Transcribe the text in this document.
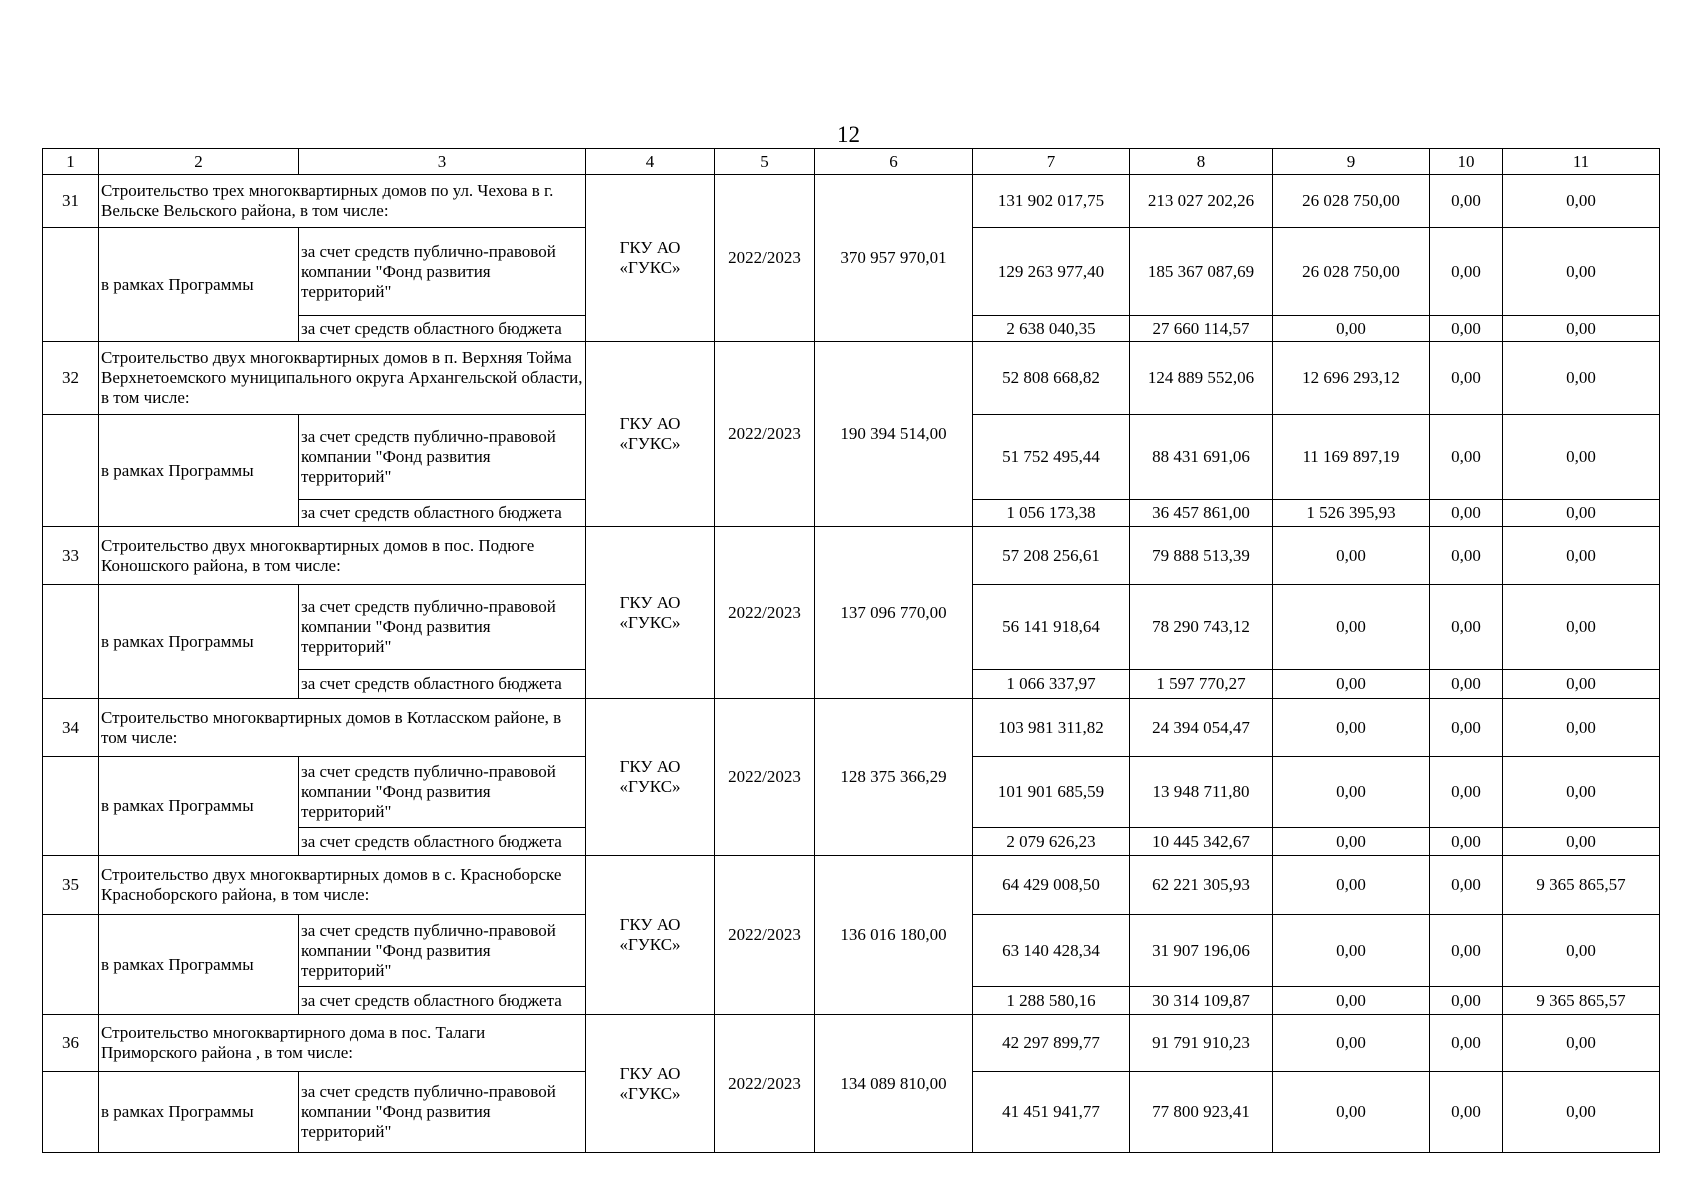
12
1	2	3	4	5	6	7	8	9	10	11
31	Строительство трех многоквартирных домов по ул. Чехова в г. Вельске Вельского района, в том числе:		ГКУ АО «ГУКС»	2022/2023	370 957 970,01	131 902 017,75	213 027 202,26	26 028 750,00	0,00	0,00
	в рамках Программы	за счет средств публично-правовой компании "Фонд развития территорий"				129 263 977,40	185 367 087,69	26 028 750,00	0,00	0,00
		за счет средств областного бюджета				2 638 040,35	27 660 114,57	0,00	0,00	0,00
32	Строительство двух многоквартирных домов в п. Верхняя Тойма Верхнетоемского муниципального округа Архангельской области, в том числе:		ГКУ АО «ГУКС»	2022/2023	190 394 514,00	52 808 668,82	124 889 552,06	12 696 293,12	0,00	0,00
	в рамках Программы	за счет средств публично-правовой компании "Фонд развития территорий"				51 752 495,44	88 431 691,06	11 169 897,19	0,00	0,00
		за счет средств областного бюджета				1 056 173,38	36 457 861,00	1 526 395,93	0,00	0,00
33	Строительство двух многоквартирных домов в пос. Подюге Коношского района, в том числе:		ГКУ АО «ГУКС»	2022/2023	137 096 770,00	57 208 256,61	79 888 513,39	0,00	0,00	0,00
	в рамках Программы	за счет средств публично-правовой компании "Фонд развития территорий"				56 141 918,64	78 290 743,12	0,00	0,00	0,00
		за счет средств областного бюджета				1 066 337,97	1 597 770,27	0,00	0,00	0,00
34	Строительство многоквартирных домов в Котласском районе, в том числе:		ГКУ АО «ГУКС»	2022/2023	128 375 366,29	103 981 311,82	24 394 054,47	0,00	0,00	0,00
	в рамках Программы	за счет средств публично-правовой компании "Фонд развития территорий"				101 901 685,59	13 948 711,80	0,00	0,00	0,00
		за счет средств областного бюджета				2 079 626,23	10 445 342,67	0,00	0,00	0,00
35	Строительство двух многоквартирных домов в с. Красноборске Красноборского района, в том числе:		ГКУ АО «ГУКС»	2022/2023	136 016 180,00	64 429 008,50	62 221 305,93	0,00	0,00	9 365 865,57
	в рамках Программы	за счет средств публично-правовой компании "Фонд развития территорий"				63 140 428,34	31 907 196,06	0,00	0,00	0,00
		за счет средств областного бюджета				1 288 580,16	30 314 109,87	0,00	0,00	9 365 865,57
36	Строительство многоквартирного дома в пос. Талаги Приморского района , в том числе:		ГКУ АО «ГУКС»	2022/2023	134 089 810,00	42 297 899,77	91 791 910,23	0,00	0,00	0,00
	в рамках Программы	за счет средств публично-правовой компании "Фонд развития территорий"				41 451 941,77	77 800 923,41	0,00	0,00	0,00
